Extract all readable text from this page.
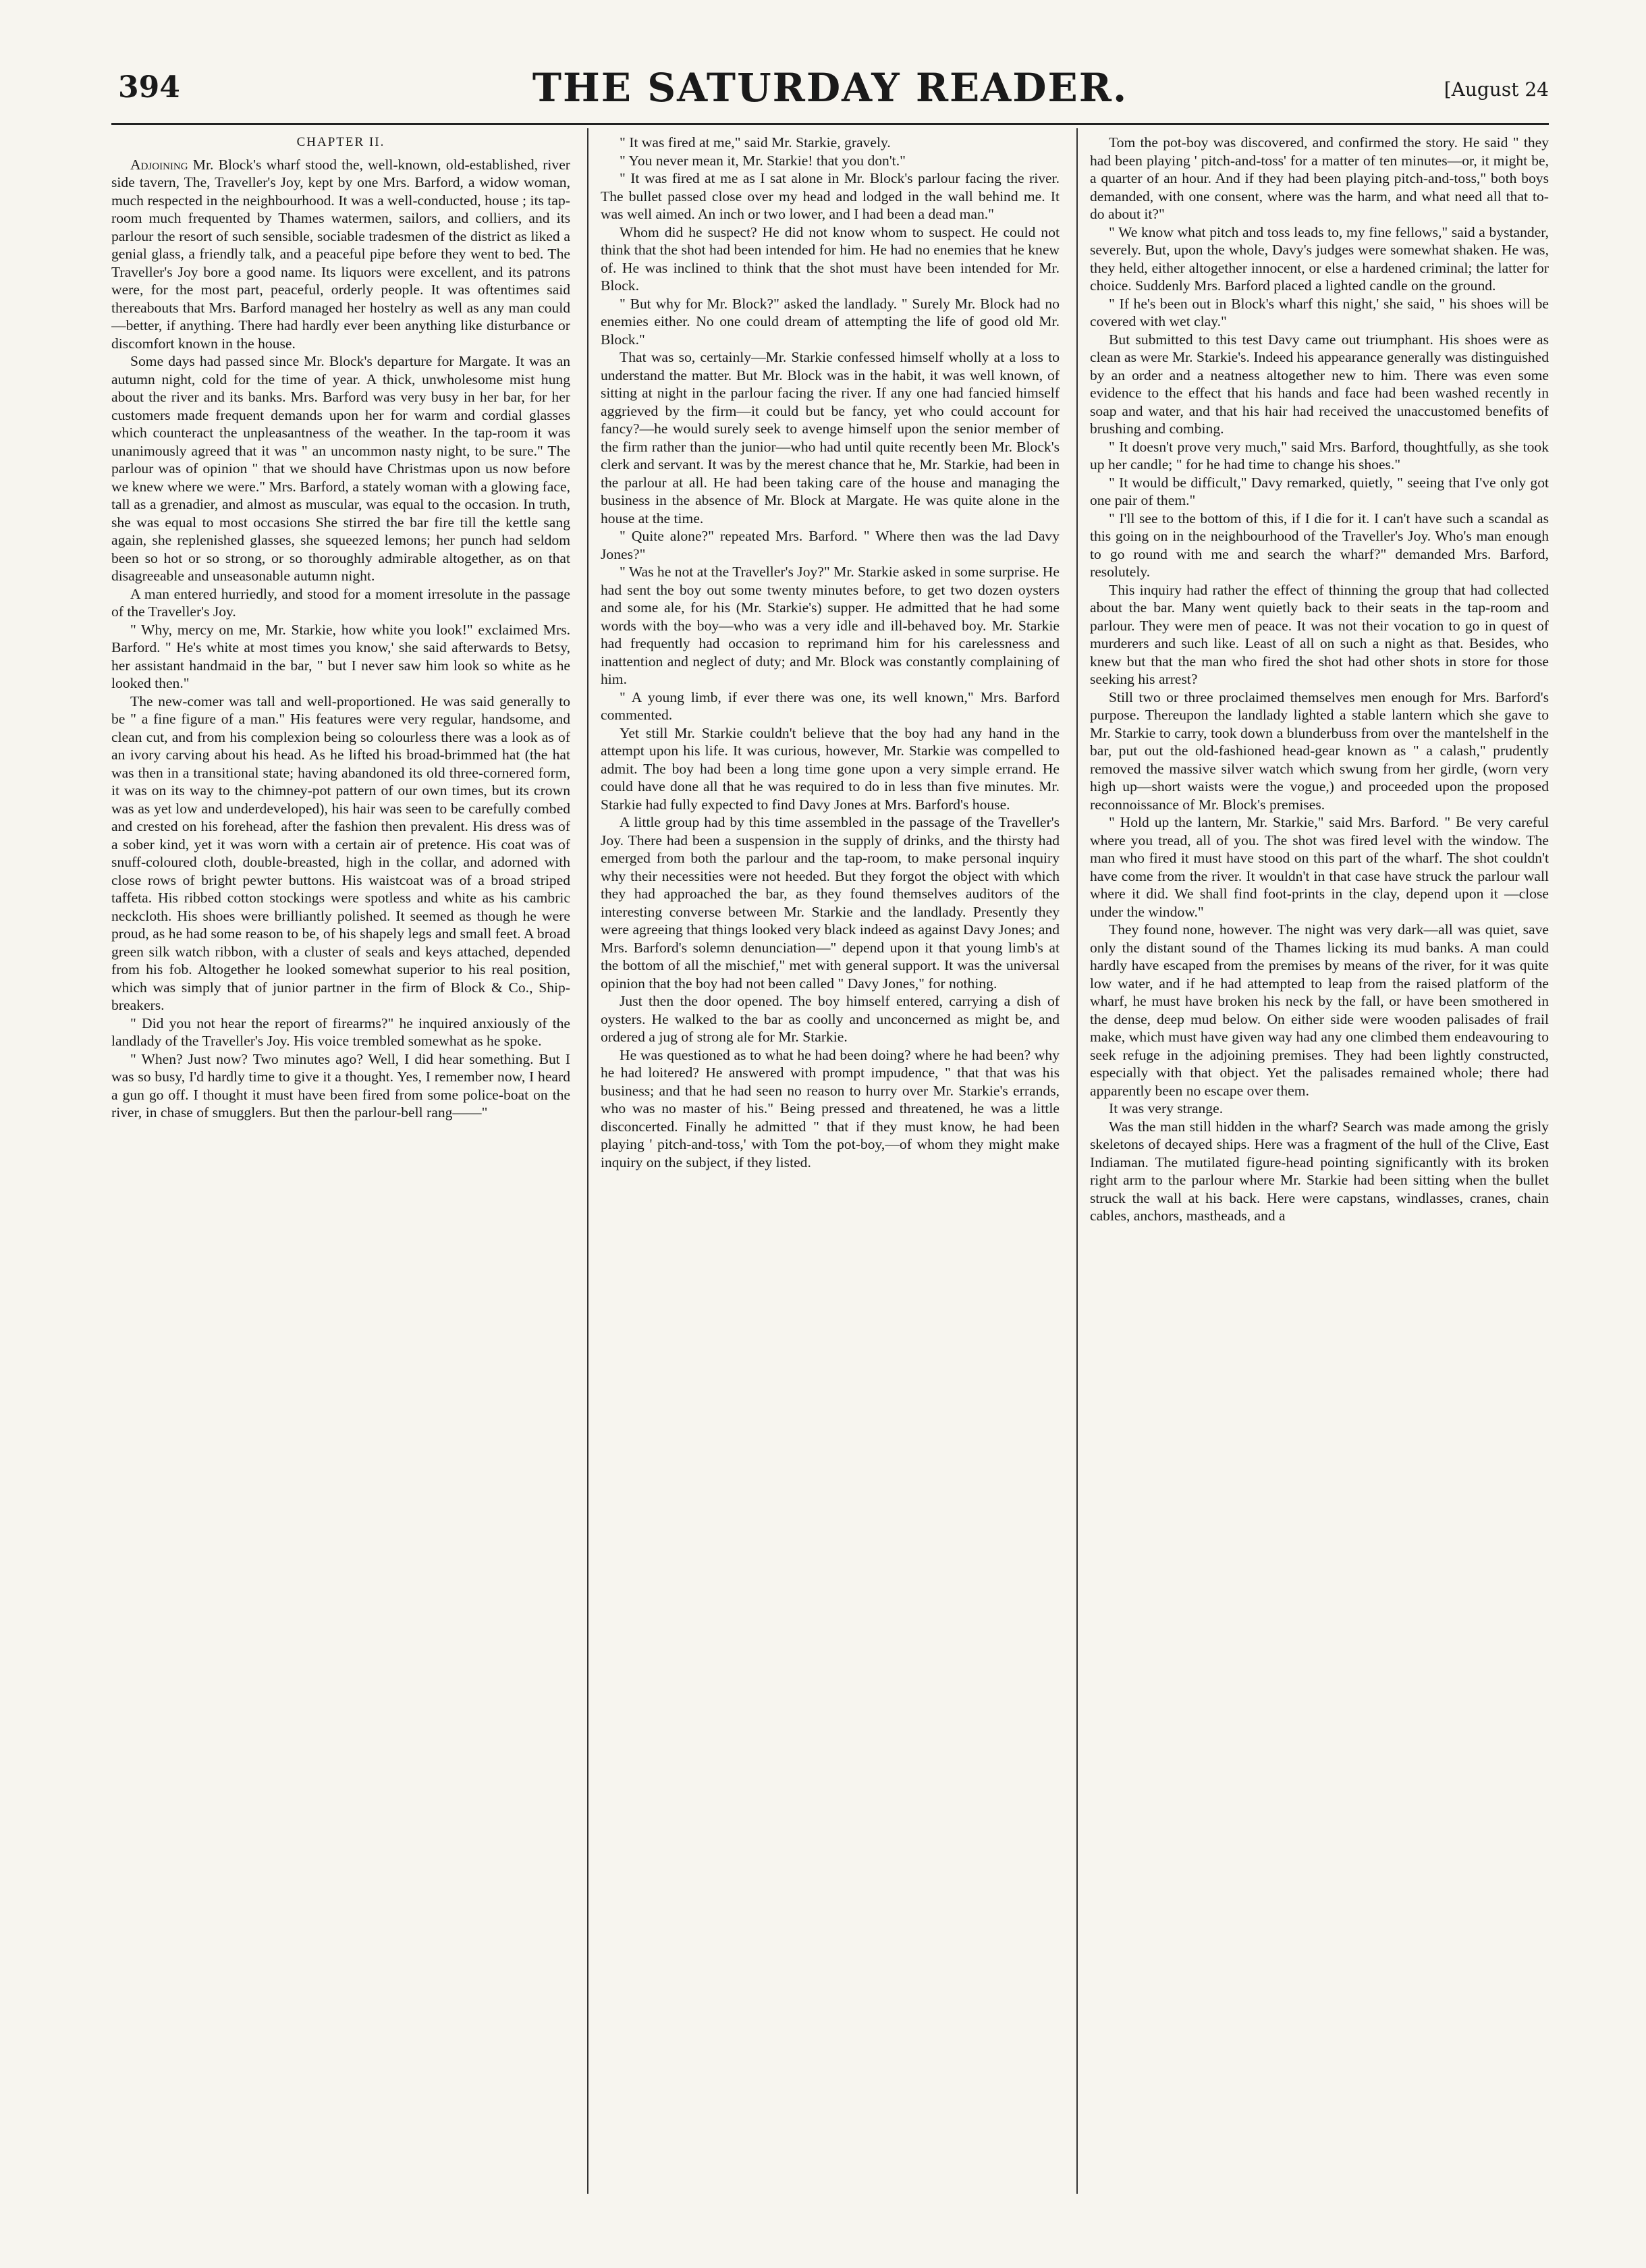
394	THE SATURDAY READER.	[August 24
CHAPTER II.

Adjoining Mr. Block's wharf stood the, well-known, old-established, river side tavern, The, Traveller's Joy, kept by one Mrs. Barford, a widow woman, much respected in the neighbourhood. It was a well-conducted, house ; its tap-room much frequented by Thames watermen, sailors, and colliers, and its parlour the resort of such sensible, sociable tradesmen of the district as liked a genial glass, a friendly talk, and a peaceful pipe before they went to bed. The Traveller's Joy bore a good name. Its liquors were excellent, and its patrons were, for the most part, peaceful, orderly people. It was oftentimes said thereabouts that Mrs. Barford managed her hostelry as well as any man could—better, if anything. There had hardly ever been anything like disturbance or discomfort known in the house.

Some days had passed since Mr. Block's departure for Margate. It was an autumn night, cold for the time of year. A thick, unwholesome mist hung about the river and its banks. Mrs. Barford was very busy in her bar, for her customers made frequent demands upon her for warm and cordial glasses which counteract the unpleasantness of the weather. In the tap-room it was unanimously agreed that it was " an uncommon nasty night, to be sure." The parlour was of opinion " that we should have Christmas upon us now before we knew where we were." Mrs. Barford, a stately woman with a glowing face, tall as a grenadier, and almost as muscular, was equal to the occasion. In truth, she was equal to most occasions She stirred the bar fire till the kettle sang again, she replenished glasses, she squeezed lemons; her punch had seldom been so hot or so strong, or so thoroughly admirable altogether, as on that disagreeable and unseasonable autumn night.

A man entered hurriedly, and stood for a moment irresolute in the passage of the Traveller's Joy.

" Why, mercy on me, Mr. Starkie, how white you look!" exclaimed Mrs. Barford. " He's white at most times you know,' she said afterwards to Betsy, her assistant handmaid in the bar, " but I never saw him look so white as he looked then."

The new-comer was tall and well-proportioned. He was said generally to be " a fine figure of a man." His features were very regular, handsome, and clean cut, and from his complexion being so colourless there was a look as of an ivory carving about his head. As he lifted his broad-brimmed hat (the hat was then in a transitional state; having abandoned its old three-cornered form, it was on its way to the chimney-pot pattern of our own times, but its crown was as yet low and underdeveloped), his hair was seen to be carefully combed and crested on his forehead, after the fashion then prevalent. His dress was of a sober kind, yet it was worn with a certain air of pretence. His coat was of snuff-coloured cloth, double-breasted, high in the collar, and adorned with close rows of bright pewter buttons. His waistcoat was of a broad striped taffeta. His ribbed cotton stockings were spotless and white as his cambric neckcloth. His shoes were brilliantly polished. It seemed as though he were proud, as he had some reason to be, of his shapely legs and small feet. A broad green silk watch ribbon, with a cluster of seals and keys attached, depended from his fob. Altogether he looked somewhat superior to his real position, which was simply that of junior partner in the firm of Block & Co., Ship-breakers.

" Did you not hear the report of firearms?" he inquired anxiously of the landlady of the Traveller's Joy. His voice trembled somewhat as he spoke.

" When? Just now? Two minutes ago? Well, I did hear something. But I was so busy, I'd hardly time to give it a thought. Yes, I remember now, I heard a gun go off. I thought it must have been fired from some police-boat on the river, in chase of smugglers. But then the parlour-bell rang——"

" It was fired at me," said Mr. Starkie, gravely.

" You never mean it, Mr. Starkie! that you don't."

" It was fired at me as I sat alone in Mr. Block's parlour facing the river. The bullet passed close over my head and lodged in the wall behind me. It was well aimed. An inch or two lower, and I had been a dead man."

Whom did he suspect? He did not know whom to suspect. He could not think that the shot had been intended for him. He had no enemies that he knew of. He was inclined to think that the shot must have been intended for Mr. Block.

" But why for Mr. Block?" asked the landlady. " Surely Mr. Block had no enemies either. No one could dream of attempting the life of good old Mr. Block."

That was so, certainly—Mr. Starkie confessed himself wholly at a loss to understand the matter. But Mr. Block was in the habit, it was well known, of sitting at night in the parlour facing the river. If any one had fancied himself aggrieved by the firm—it could but be fancy, yet who could account for fancy?—he would surely seek to avenge himself upon the senior member of the firm rather than the junior—who had until quite recently been Mr. Block's clerk and servant. It was by the merest chance that he, Mr. Starkie, had been in the parlour at all. He had been taking care of the house and managing the business in the absence of Mr. Block at Margate. He was quite alone in the house at the time.

" Quite alone?" repeated Mrs. Barford. " Where then was the lad Davy Jones?"

" Was he not at the Traveller's Joy?" Mr. Starkie asked in some surprise. He had sent the boy out some twenty minutes before, to get two dozen oysters and some ale, for his (Mr. Starkie's) supper. He admitted that he had some words with the boy—who was a very idle and ill-behaved boy. Mr. Starkie had frequently had occasion to reprimand him for his carelessness and inattention and neglect of duty; and Mr. Block was constantly complaining of him.

" A young limb, if ever there was one, its well known," Mrs. Barford commented.

Yet still Mr. Starkie couldn't believe that the boy had any hand in the attempt upon his life. It was curious, however, Mr. Starkie was compelled to admit. The boy had been a long time gone upon a very simple errand. He could have done all that he was required to do in less than five minutes. Mr. Starkie had fully expected to find Davy Jones at Mrs. Barford's house.

A little group had by this time assembled in the passage of the Traveller's Joy. There had been a suspension in the supply of drinks, and the thirsty had emerged from both the parlour and the tap-room, to make personal inquiry why their necessities were not heeded. But they forgot the object with which they had approached the bar, as they found themselves auditors of the interesting converse between Mr. Starkie and the landlady. Presently they were agreeing that things looked very black indeed as against Davy Jones; and Mrs. Barford's solemn denunciation—" depend upon it that young limb's at the bottom of all the mischief," met with general support. It was the universal opinion that the boy had not been called " Davy Jones," for nothing.

Just then the door opened. The boy himself entered, carrying a dish of oysters. He walked to the bar as coolly and unconcerned as might be, and ordered a jug of strong ale for Mr. Starkie.

He was questioned as to what he had been doing? where he had been? why he had loitered? He answered with prompt impudence, " that that was his business; and that he had seen no reason to hurry over Mr. Starkie's errands, who was no master of his." Being pressed and threatened, he was a little disconcerted. Finally he admitted " that if they must know, he had been playing ' pitch-and-toss,' with Tom the pot-boy,—of whom they might make inquiry on the subject, if they listed.

Tom the pot-boy was discovered, and confirmed the story. He said " they had been playing ' pitch-and-toss' for a matter of ten minutes—or, it might be, a quarter of an hour. And if they had been playing pitch-and-toss," both boys demanded, with one consent, where was the harm, and what need all that to-do about it?"

" We know what pitch and toss leads to, my fine fellows," said a bystander, severely. But, upon the whole, Davy's judges were somewhat shaken. He was, they held, either altogether innocent, or else a hardened criminal; the latter for choice. Suddenly Mrs. Barford placed a lighted candle on the ground.

" If he's been out in Block's wharf this night,' she said, " his shoes will be covered with wet clay."

But submitted to this test Davy came out triumphant. His shoes were as clean as were Mr. Starkie's. Indeed his appearance generally was distinguished by an order and a neatness altogether new to him. There was even some evidence to the effect that his hands and face had been washed recently in soap and water, and that his hair had received the unaccustomed benefits of brushing and combing.

" It doesn't prove very much," said Mrs. Barford, thoughtfully, as she took up her candle; " for he had time to change his shoes."

" It would be difficult," Davy remarked, quietly, " seeing that I've only got one pair of them."

" I'll see to the bottom of this, if I die for it. I can't have such a scandal as this going on in the neighbourhood of the Traveller's Joy. Who's man enough to go round with me and search the wharf?" demanded Mrs. Barford, resolutely.

This inquiry had rather the effect of thinning the group that had collected about the bar. Many went quietly back to their seats in the tap-room and parlour. They were men of peace. It was not their vocation to go in quest of murderers and such like. Least of all on such a night as that. Besides, who knew but that the man who fired the shot had other shots in store for those seeking his arrest?

Still two or three proclaimed themselves men enough for Mrs. Barford's purpose. Thereupon the landlady lighted a stable lantern which she gave to Mr. Starkie to carry, took down a blunderbuss from over the mantelshelf in the bar, put out the old-fashioned head-gear known as " a calash," prudently removed the massive silver watch which swung from her girdle, (worn very high up—short waists were the vogue,) and proceeded upon the proposed reconnoissance of Mr. Block's premises.

" Hold up the lantern, Mr. Starkie," said Mrs. Barford. " Be very careful where you tread, all of you. The shot was fired level with the window. The man who fired it must have stood on this part of the wharf. The shot couldn't have come from the river. It wouldn't in that case have struck the parlour wall where it did. We shall find foot-prints in the clay, depend upon it —close under the window."

They found none, however. The night was very dark—all was quiet, save only the distant sound of the Thames licking its mud banks. A man could hardly have escaped from the premises by means of the river, for it was quite low water, and if he had attempted to leap from the raised platform of the wharf, he must have broken his neck by the fall, or have been smothered in the dense, deep mud below. On either side were wooden palisades of frail make, which must have given way had any one climbed them endeavouring to seek refuge in the adjoining premises. They had been lightly constructed, especially with that object. Yet the palisades remained whole; there had apparently been no escape over them.

It was very strange.

Was the man still hidden in the wharf? Search was made among the grisly skeletons of decayed ships. Here was a fragment of the hull of the Clive, East Indiaman. The mutilated figure-head pointing significantly with its broken right arm to the parlour where Mr. Starkie had been sitting when the bullet struck the wall at his back. Here were capstans, windlasses, cranes, chain cables, anchors, mastheads, and a
